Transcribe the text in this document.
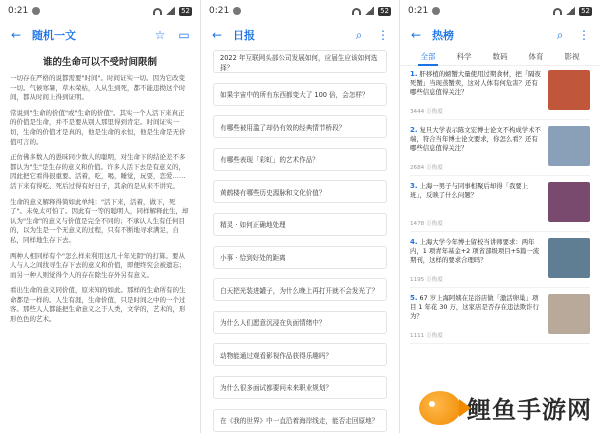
0:21	52
← 随机一文	☆ ▭
谁的生命可以不受时间限制

一切存在严格的说都需要"时间"。时间证实一切。因为它改变一切。气候寒暑，草木荣枯，人从生到死，都不能违拗这个时间，都从时间上得到证明。

常说到"生命的价值"或"生命的价值"。其实一个人活下来真正的价值是生命，并不是要从别人那里得到肯定。时间证实一切，生命的价值才是真的，他是生命的永恒，他是生命是无价值可言的。

正仿佛多数人的愚昧同少数人的聪明，对生命下的结论差不多都认为"生"是生存的意义和价值。许多人活下去是有意义的，因此把它看得很重要。活着，吃，喝，睡觉，玩耍，恋爱……活下来有得吃、死后过得有好日子，其余的是从来不讲究。

生命的意义解释得简如此单纯："活下来，活着，做下，死了"。未免太可怕了。因此有一等的聪明人，同样解释此生，却认为"生命"的意义与价值是完全不同的；不承认人生有任何目的，以为生是一个无意义的过程，只有不断地寻求满足，自私，同样地生存下去。

两种人相同样有个"怎么样来利用这几十年光阴"的打算。要从人与人之间找寻生存下去的意义和价值，即便终究会被遗忘；而另一种人则觉得个人的存在除生存外另有意义。

看出生命的意义同价值，原来知的如此。那样的生命所有的生命都是一样的。人生有涯，生命价值，只是时间之中的一个过客。那些人人都能把生命意义之于人类，文学的，艺术的，形形色色的艺术。

0:21	52
← 日报	⌕	⋮
2022 年互联网头部公司发展如何，应届生应该如何选择？
如果宇宙中的所有东西都变大了 100 倍，会怎样？
有哪些被用滥了却仍有效的经典情节桥段？
有哪些表现「彩虹」的艺术作品？
黄鹤楼有哪些历史源脉和文化价值？
精灵 · 如何正确地处理
小事 · 恰到好处的距离
白天把光装进罐子，为什么晚上再打开就不会发光了？
为什么人们愿意沉浸在负面情绪中？
动物能通过观看影视作品获得乐趣吗？
为什么很多面试都要问未来职业规划？
在《我的世界》中一直沿着海岸线走，能否走回原地？
0:21	52
← 热榜	⌕	⋮
全部	科学	数码	体育	影视
1. 肝移植的螃蟹大量使用过期食材，把「隔夜死蟹」当现蒸蟹卖，这对人体有何危害？还有哪些信息值得关注？
3444 万热度
2. 复旦大学表示陈文宏博士论文不构成学术不端，符合当年博士论文要求，你怎么看？还有哪些信息值得关注？
2684 万热度
3. 上海一男子与同事相聚后却得「我要上班」，反映了什么问题？
1478 万热度
4. 上海大学今年博士留校当讲师要求：两年内，1 项青年基金+2 项省部级项目+5篇一流期刊，这样的要求合理吗？
1195 万热度
5. 67 岁上海阿姨在足浴店做「激活卵巢」项目 1 年花 30 万，这家店是否存在违法欺诈行为？
1111 万热度
鲤鱼手游网
